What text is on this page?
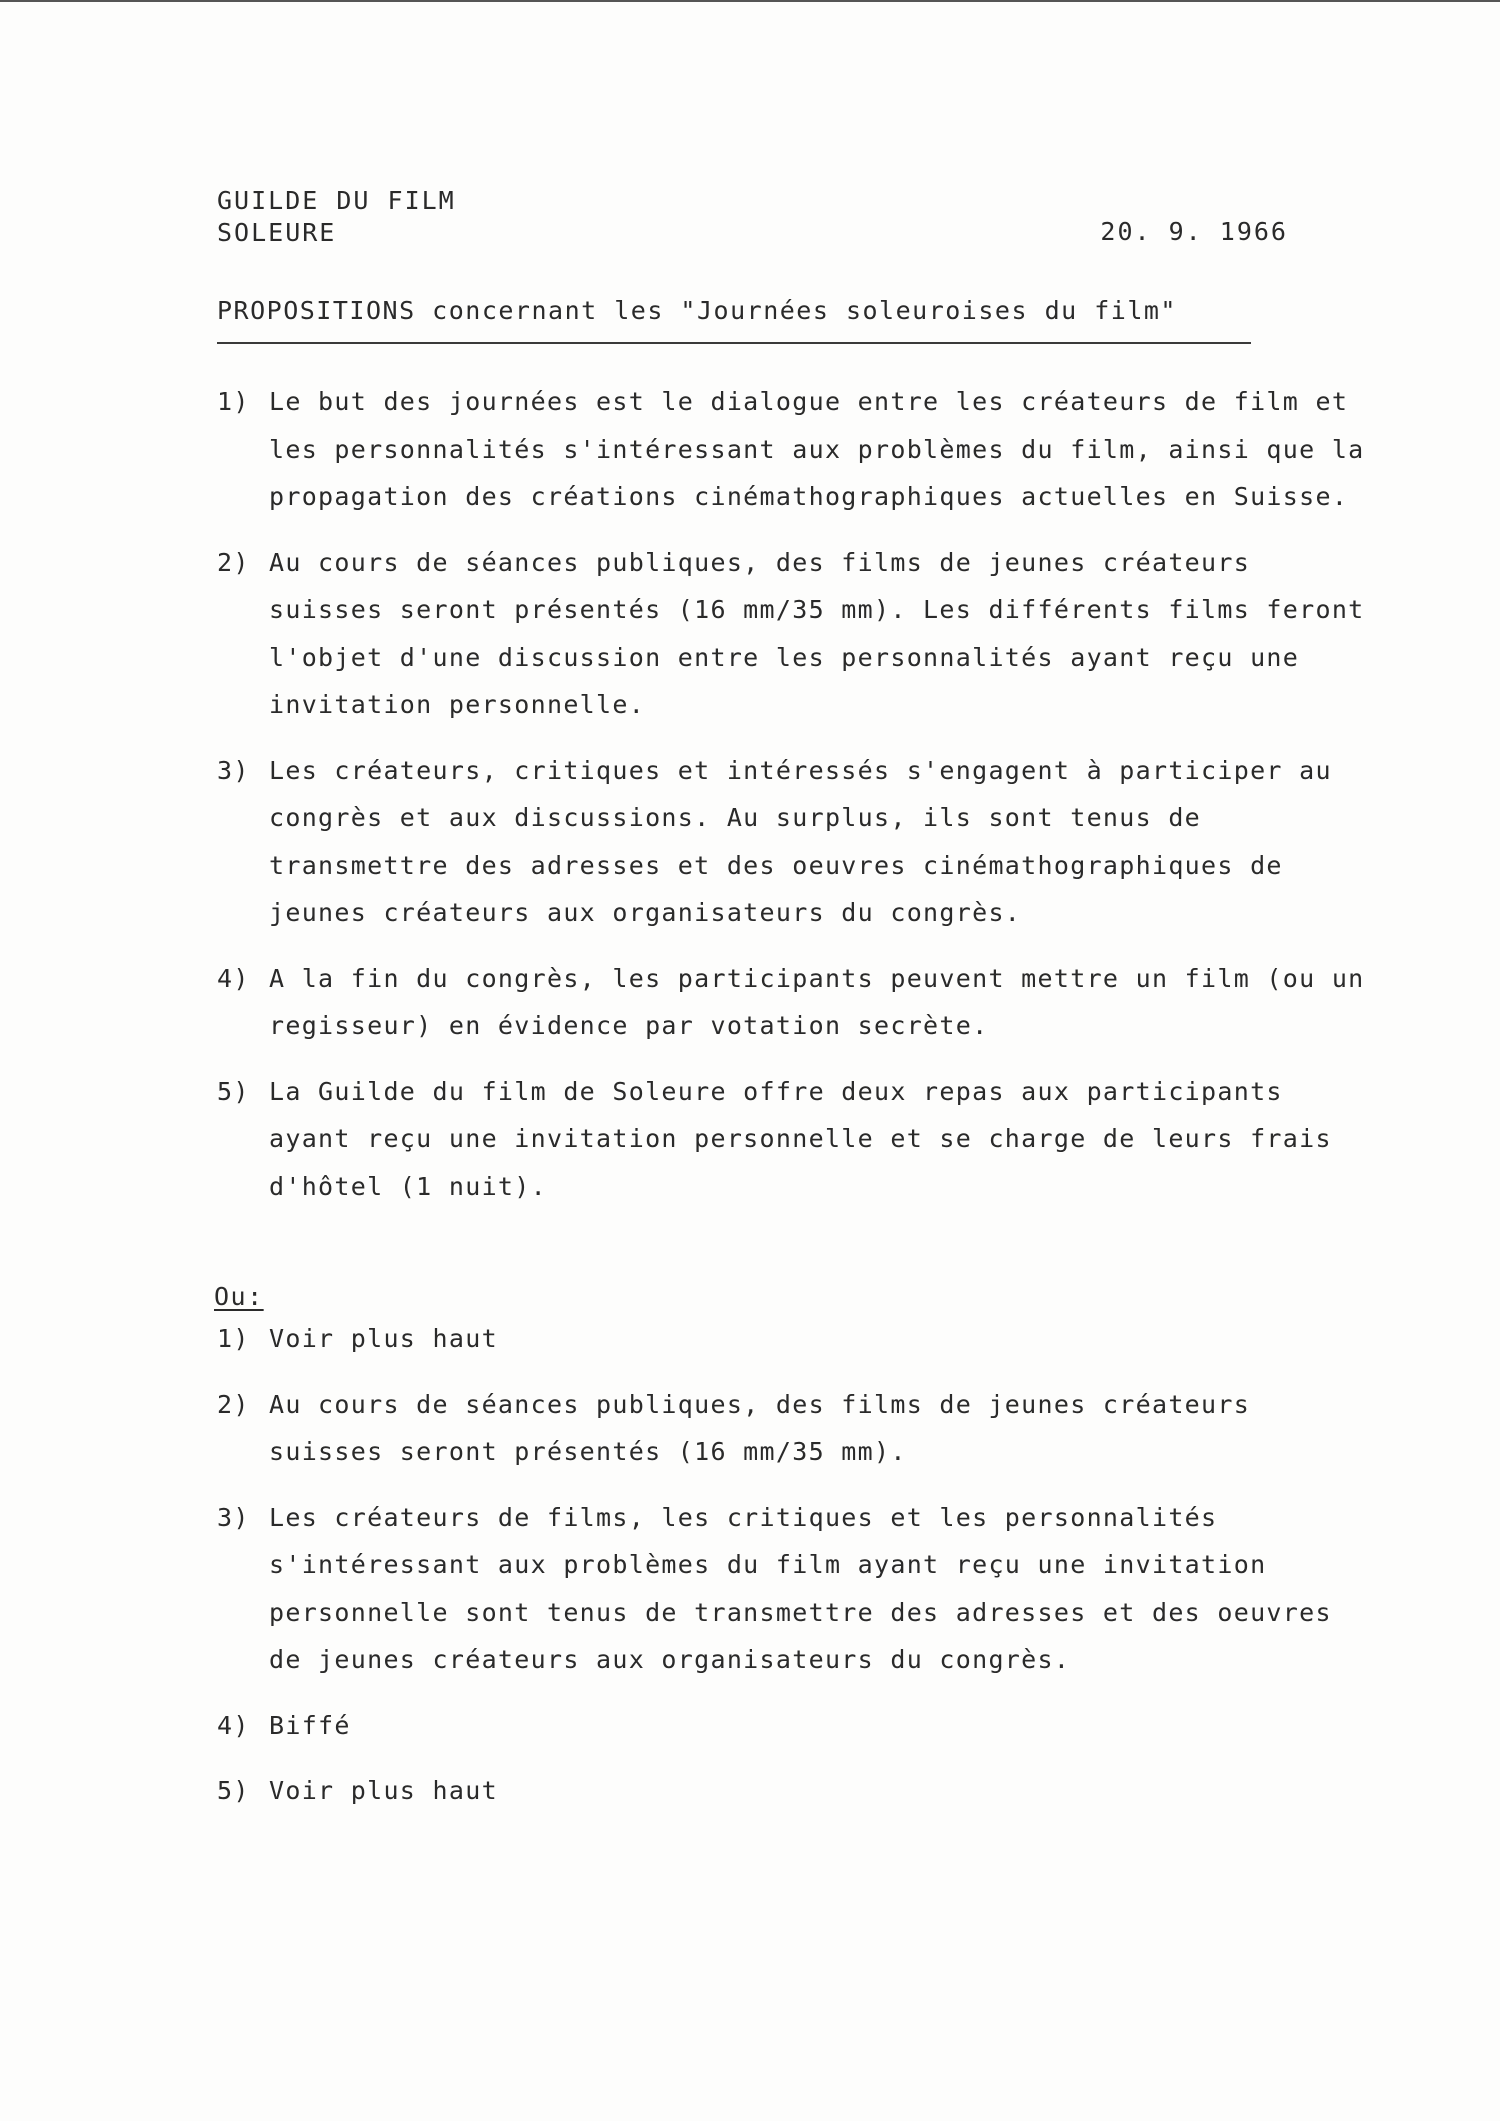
GUILDE DU FILM
SOLEURE	20. 9. 1966
PROPOSITIONS concernant les "Journées soleuroises du film"
1) Le but des journées est le dialogue entre les créateurs de film et les personnalités s'intéressant aux problèmes du film, ainsi que la propagation des créations cinémathographiques actuelles en Suisse.
2) Au cours de séances publiques, des films de jeunes créateurs suisses seront présentés (16 mm/35 mm). Les différents films feront l'objet d'une discussion entre les personnalités ayant reçu une invitation personnelle.
3) Les créateurs, critiques et intéressés s'engagent à participer au congrès et aux discussions. Au surplus, ils sont tenus de transmettre des adresses et des oeuvres cinémathographiques de jeunes créateurs aux organisateurs du congrès.
4) A la fin du congrès, les participants peuvent mettre un film (ou un regisseur) en évidence par votation secrète.
5) La Guilde du film de Soleure offre deux repas aux participants ayant reçu une invitation personnelle et se charge de leurs frais d'hôtel (1 nuit).
Ou:
1) Voir plus haut
2) Au cours de séances publiques, des films de jeunes créateurs suisses seront présentés (16 mm/35 mm).
3) Les créateurs de films, les critiques et les personnalités s'intéressant aux problèmes du film ayant reçu une invitation personnelle sont tenus de transmettre des adresses et des oeuvres de jeunes créateurs aux organisateurs du congrès.
4) Biffé
5) Voir plus haut
